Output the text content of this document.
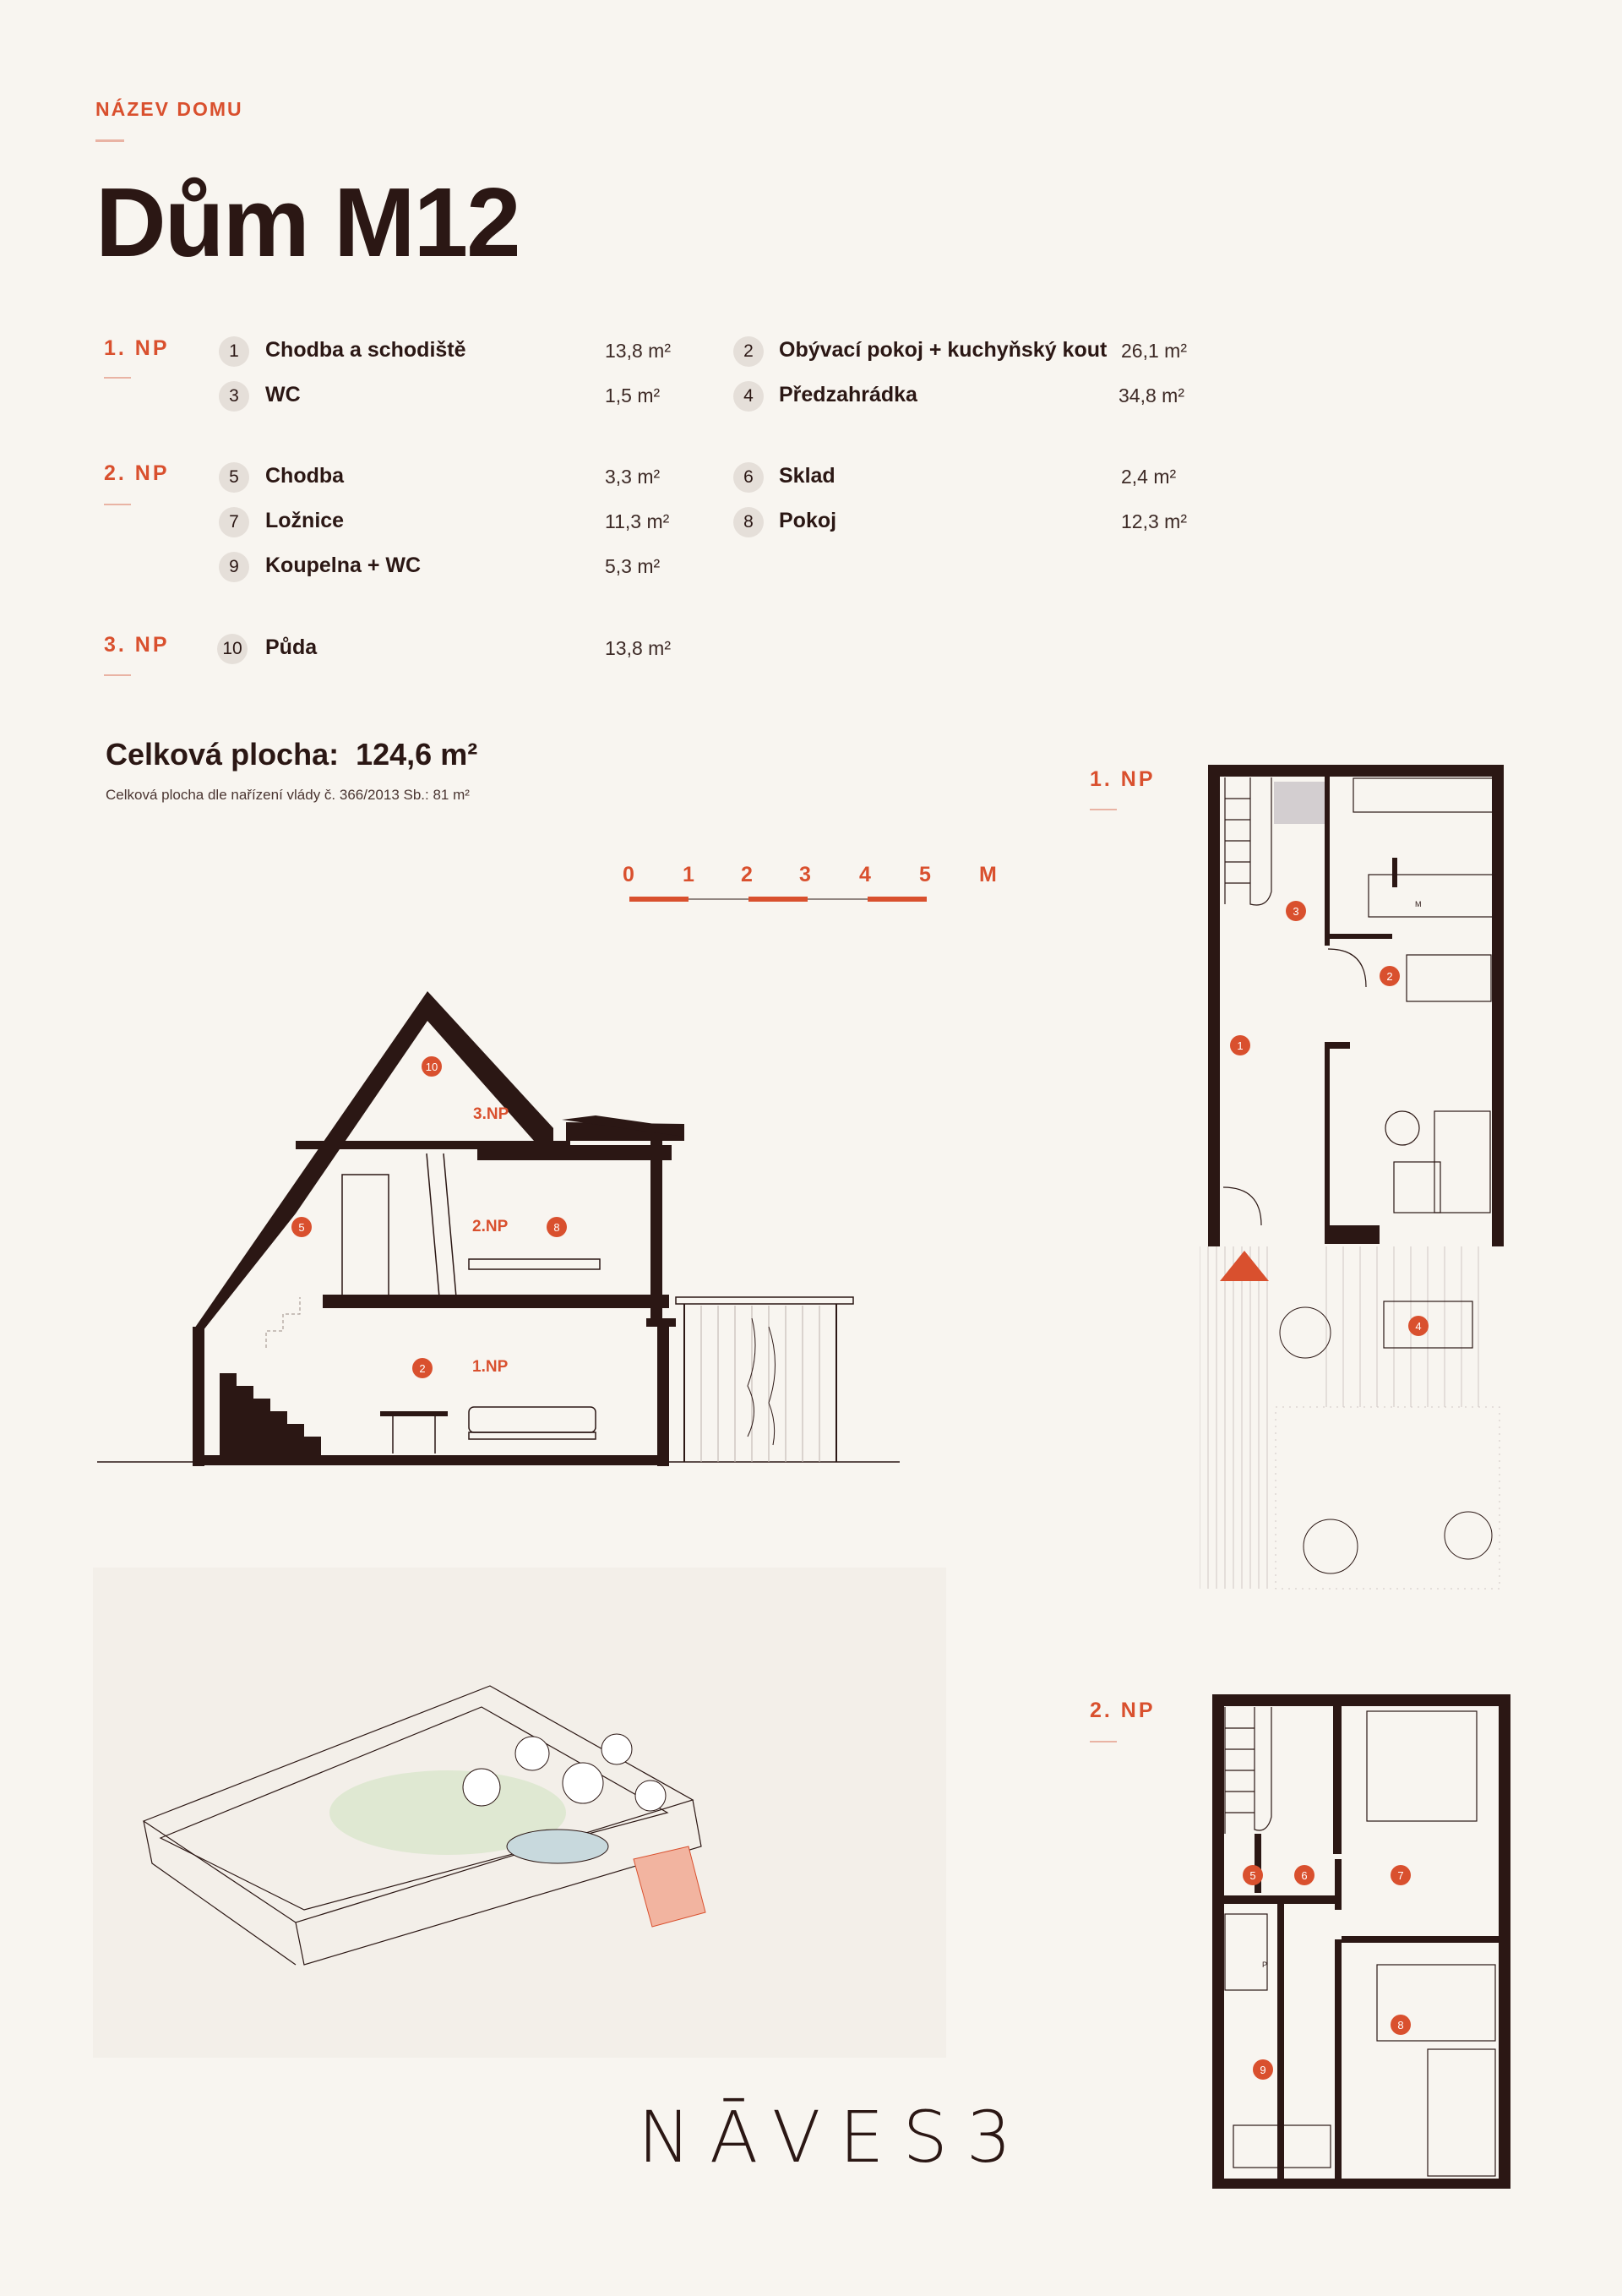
NÁZEV DOMU
Dům M12
1. NP
2. NP
3. NP
1	Chodba a schodiště	13,8 m²	2	Obývací pokoj + kuchyňský kout 26,1 m²
3	WC	1,5 m²	4	Předzahrádka	34,8 m²
5	Chodba	3,3 m²	6	Sklad	2,4 m²
7	Ložnice	11,3 m²	8	Pokoj	12,3 m²
9	Koupelna + WC	5,3 m²
10 Půda	13,8 m²
Celková plocha: 124,6 m²
Celková plocha dle nařízení vlády č. 366/2013 Sb.: 81 m²
0 1 2 3 4 5 M
3.NP
2.NP
1.NP
10
5	8
2
1. NP
1
2
3
4
M
2. NP
5	6	7
8
9
P
NĀVES3
